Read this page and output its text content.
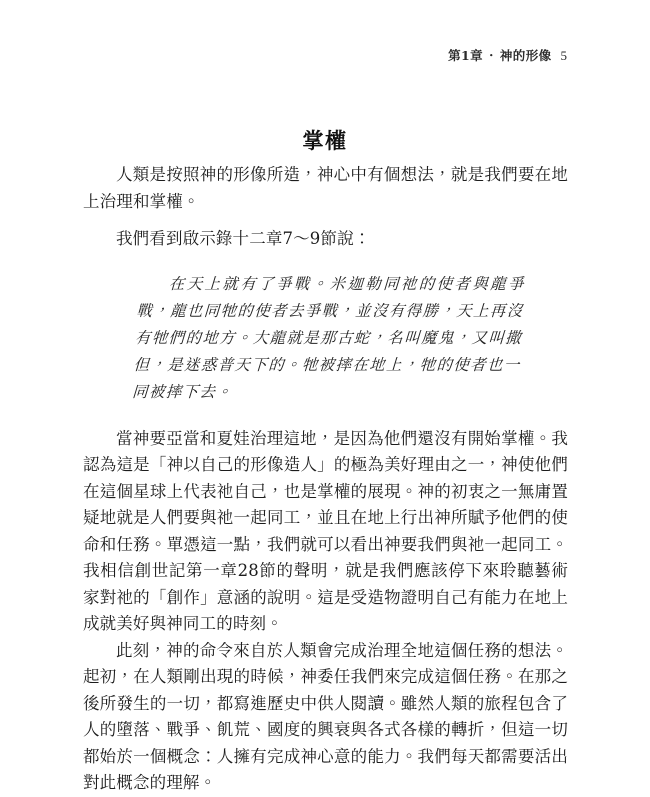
第1章 ・ 神的形像 5
掌權

人類是按照神的形像所造，神心中有個想法，就是我們要在地上治理和掌權。

我們看到啟示錄十二章7～9節說：

在天上就有了爭戰。米迦勒同祂的使者與龍爭戰，龍也同牠的使者去爭戰，並沒有得勝，天上再沒有牠們的地方。大龍就是那古蛇，名叫魔鬼，又叫撒但，是迷惑普天下的。牠被摔在地上，牠的使者也一同被摔下去。

當神要亞當和夏娃治理這地，是因為他們還沒有開始掌權。我認為這是「神以自己的形像造人」的極為美好理由之一，神使他們在這個星球上代表祂自己，也是掌權的展現。神的初衷之一無庸置疑地就是人們要與祂一起同工，並且在地上行出神所賦予他們的使命和任務。單憑這一點，我們就可以看出神要我們與祂一起同工。我相信創世記第一章28節的聲明，就是我們應該停下來聆聽藝術家對祂的「創作」意涵的說明。這是受造物證明自己有能力在地上成就美好與神同工的時刻。

此刻，神的命令來自於人類會完成治理全地這個任務的想法。起初，在人類剛出現的時候，神委任我們來完成這個任務。在那之後所發生的一切，都寫進歷史中供人閱讀。雖然人類的旅程包含了人的墮落、戰爭、飢荒、國度的興衰與各式各樣的轉折，但這一切都始於一個概念：人擁有完成神心意的能力。我們每天都需要活出對此概念的理解。
